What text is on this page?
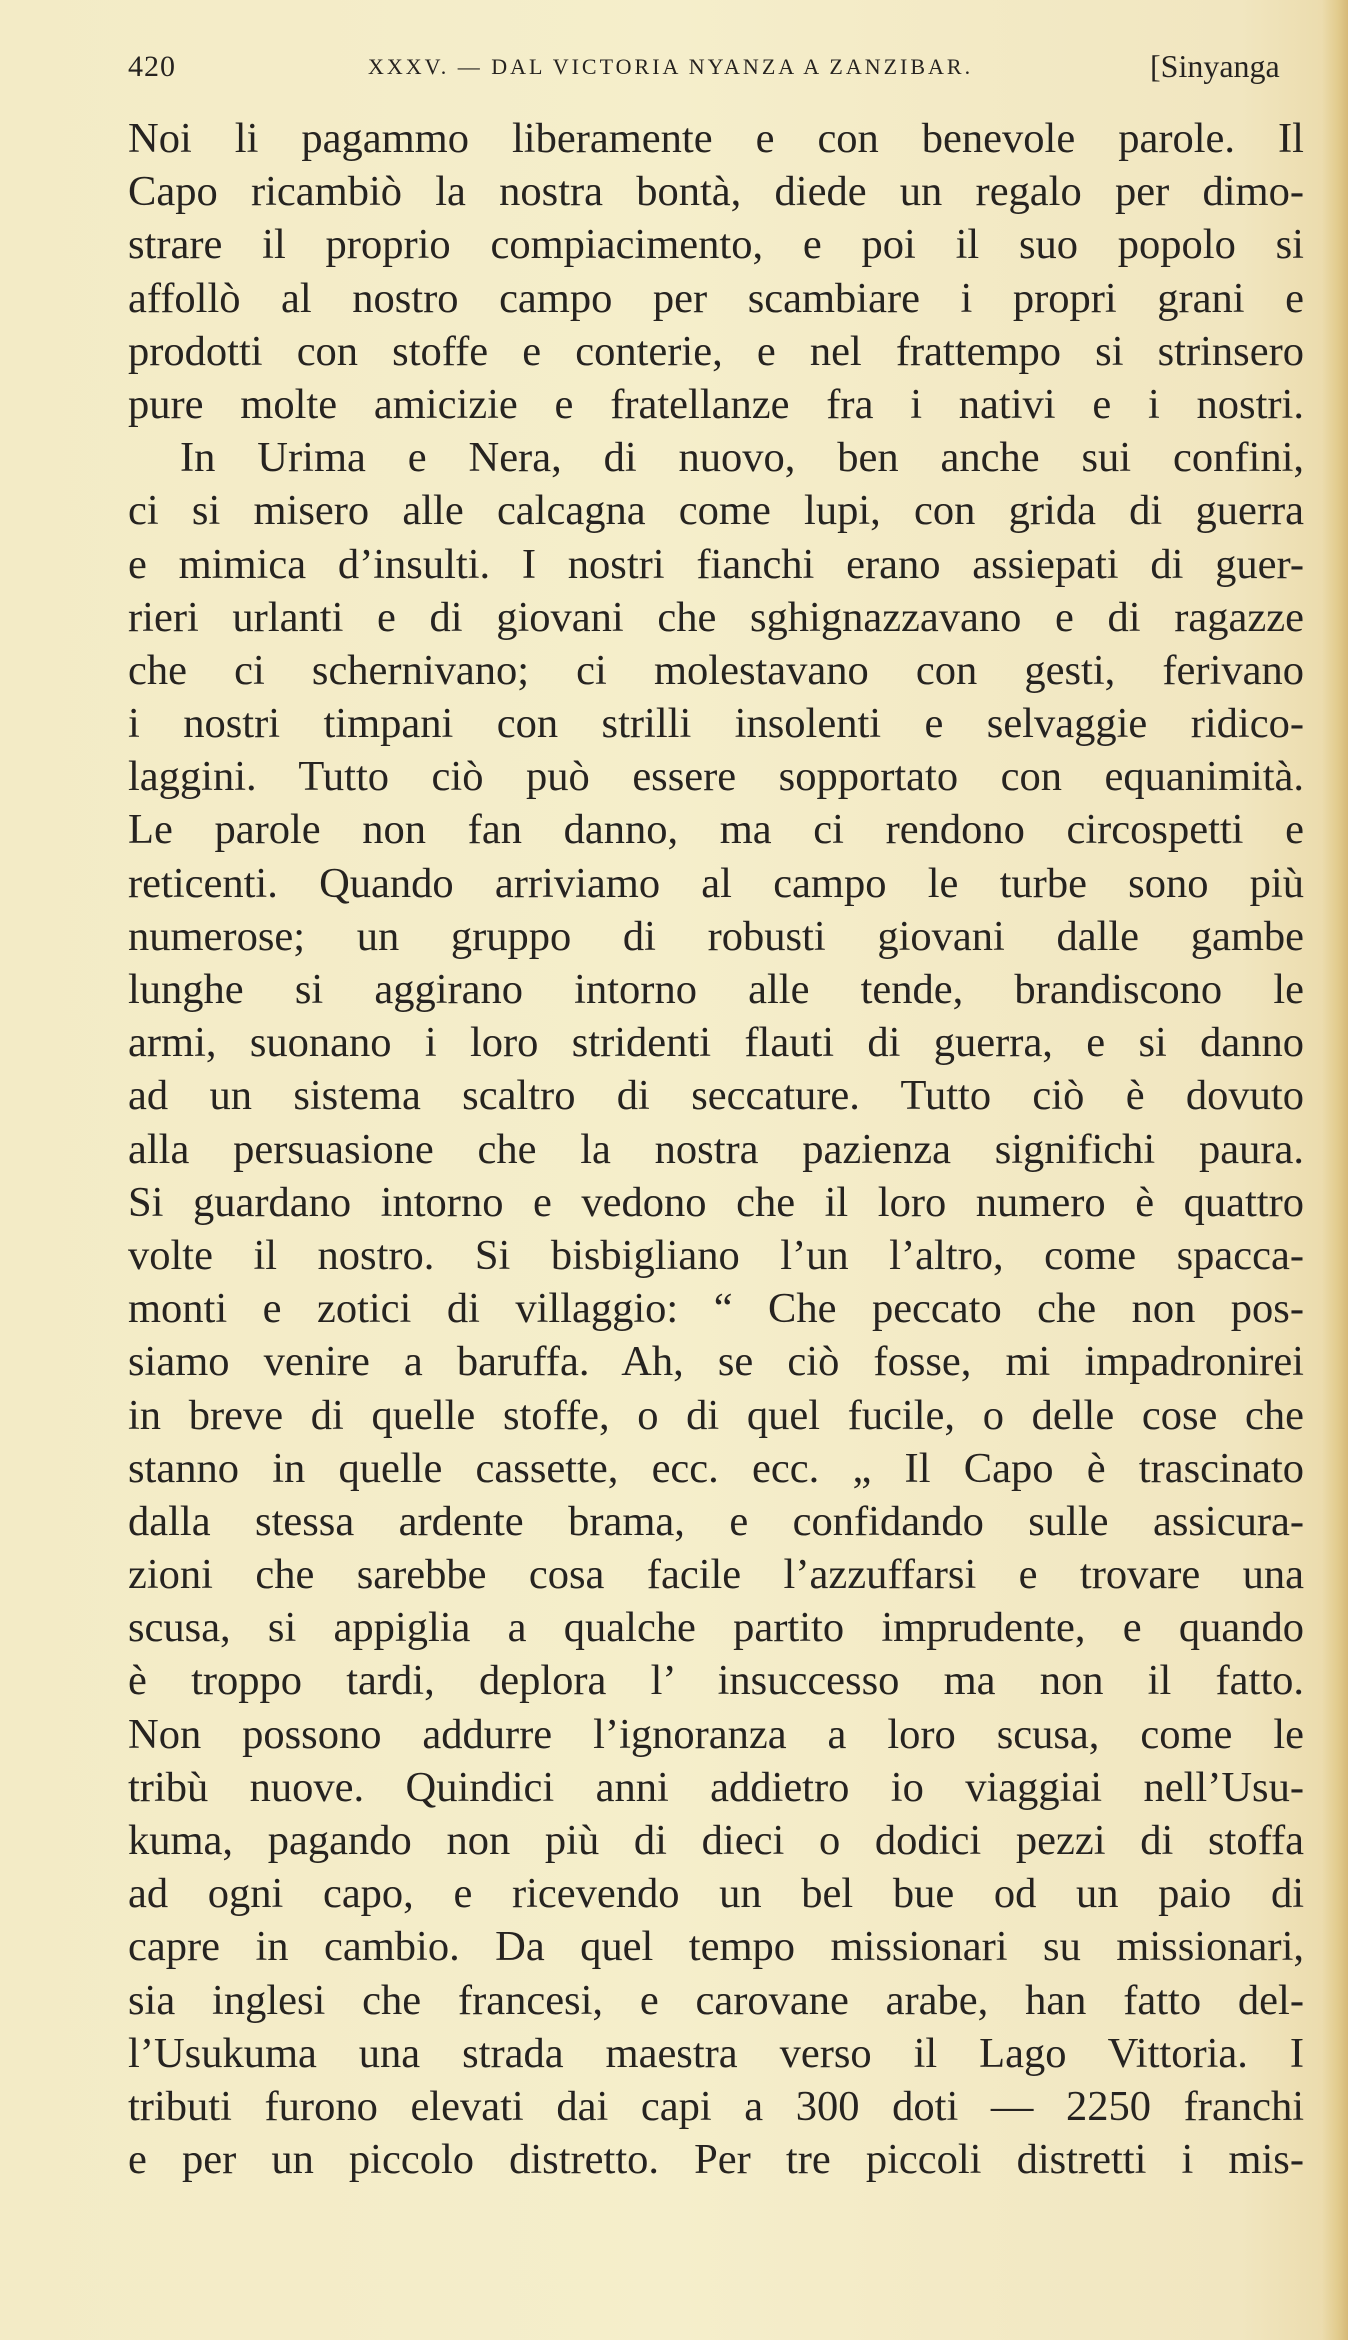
420	XXXV. — DAL VICTORIA NYANZA A ZANZIBAR.	[Sinyanga
Noi li pagammo liberamente e con benevole parole. Il
Capo ricambiò la nostra bontà, diede un regalo per dimo-
strare il proprio compiacimento, e poi il suo popolo si
affollò al nostro campo per scambiare i propri grani e
prodotti con stoffe e conterie, e nel frattempo si strinsero
pure molte amicizie e fratellanze fra i nativi e i nostri.
In Urima e Nera, di nuovo, ben anche sui confini,
ci si misero alle calcagna come lupi, con grida di guerra
e mimica d’insulti. I nostri fianchi erano assiepati di guer-
rieri urlanti e di giovani che sghignazzavano e di ragazze
che ci schernivano; ci molestavano con gesti, ferivano
i nostri timpani con strilli insolenti e selvaggie ridico-
laggini. Tutto ciò può essere sopportato con equanimità.
Le parole non fan danno, ma ci rendono circospetti e
reticenti. Quando arriviamo al campo le turbe sono più
numerose; un gruppo di robusti giovani dalle gambe
lunghe si aggirano intorno alle tende, brandiscono le
armi, suonano i loro stridenti flauti di guerra, e si danno
ad un sistema scaltro di seccature. Tutto ciò è dovuto
alla persuasione che la nostra pazienza significhi paura.
Si guardano intorno e vedono che il loro numero è quattro
volte il nostro. Si bisbigliano l’un l’altro, come spacca-
monti e zotici di villaggio: “ Che peccato che non pos-
siamo venire a baruffa. Ah, se ciò fosse, mi impadronirei
in breve di quelle stoffe, o di quel fucile, o delle cose che
stanno in quelle cassette, ecc. ecc. „ Il Capo è trascinato
dalla stessa ardente brama, e confidando sulle assicura-
zioni che sarebbe cosa facile l’azzuffarsi e trovare una
scusa, si appiglia a qualche partito imprudente, e quando
è troppo tardi, deplora l’ insuccesso ma non il fatto.
Non possono addurre l’ignoranza a loro scusa, come le
tribù nuove. Quindici anni addietro io viaggiai nell’Usu-
kuma, pagando non più di dieci o dodici pezzi di stoffa
ad ogni capo, e ricevendo un bel bue od un paio di
capre in cambio. Da quel tempo missionari su missionari,
sia inglesi che francesi, e carovane arabe, han fatto del-
l’Usukuma una strada maestra verso il Lago Vittoria. I
tributi furono elevati dai capi a 300 doti — 2250 franchi
e per un piccolo distretto. Per tre piccoli distretti i mis-
